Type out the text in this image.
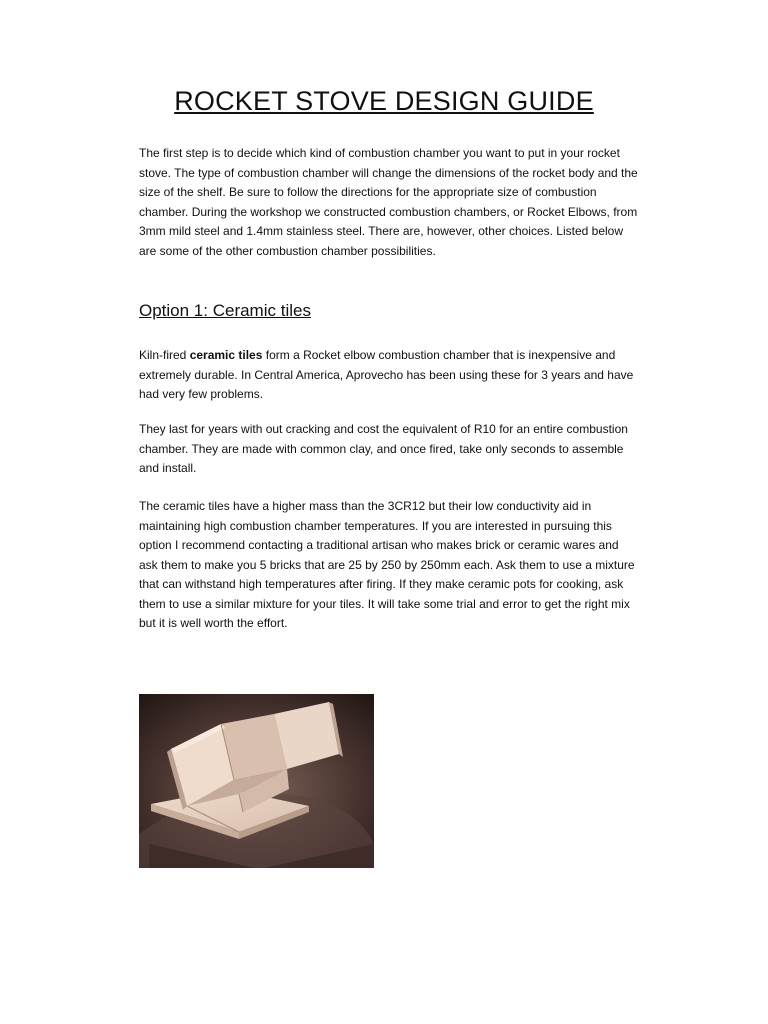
ROCKET STOVE DESIGN GUIDE

The first step is to decide which kind of combustion chamber you want to put in your rocket stove. The type of combustion chamber will change the dimensions of the rocket body and the size of the shelf. Be sure to follow the directions for the appropriate size of combustion chamber. During the workshop we constructed combustion chambers, or Rocket Elbows, from 3mm mild steel and 1.4mm stainless steel. There are, however, other choices. Listed below are some of the other combustion chamber possibilities.

Option 1: Ceramic tiles

Kiln-fired ceramic tiles form a Rocket elbow combustion chamber that is inexpensive and extremely durable. In Central America, Aprovecho has been using these for 3 years and have had very few problems.

They last for years with out cracking and cost the equivalent of R10 for an entire combustion chamber. They are made with common clay, and once fired, take only seconds to assemble and install.

The ceramic tiles have a higher mass than the 3CR12 but their low conductivity aid in maintaining high combustion chamber temperatures. If you are interested in pursuing this option I recommend contacting a traditional artisan who makes brick or ceramic wares and ask them to make you 5 bricks that are 25 by 250 by 250mm each. Ask them to use a mixture that can withstand high temperatures after firing. If they make ceramic pots for cooking, ask them to use a similar mixture for your tiles. It will take some trial and error to get the right mix but it is well worth the effort.
